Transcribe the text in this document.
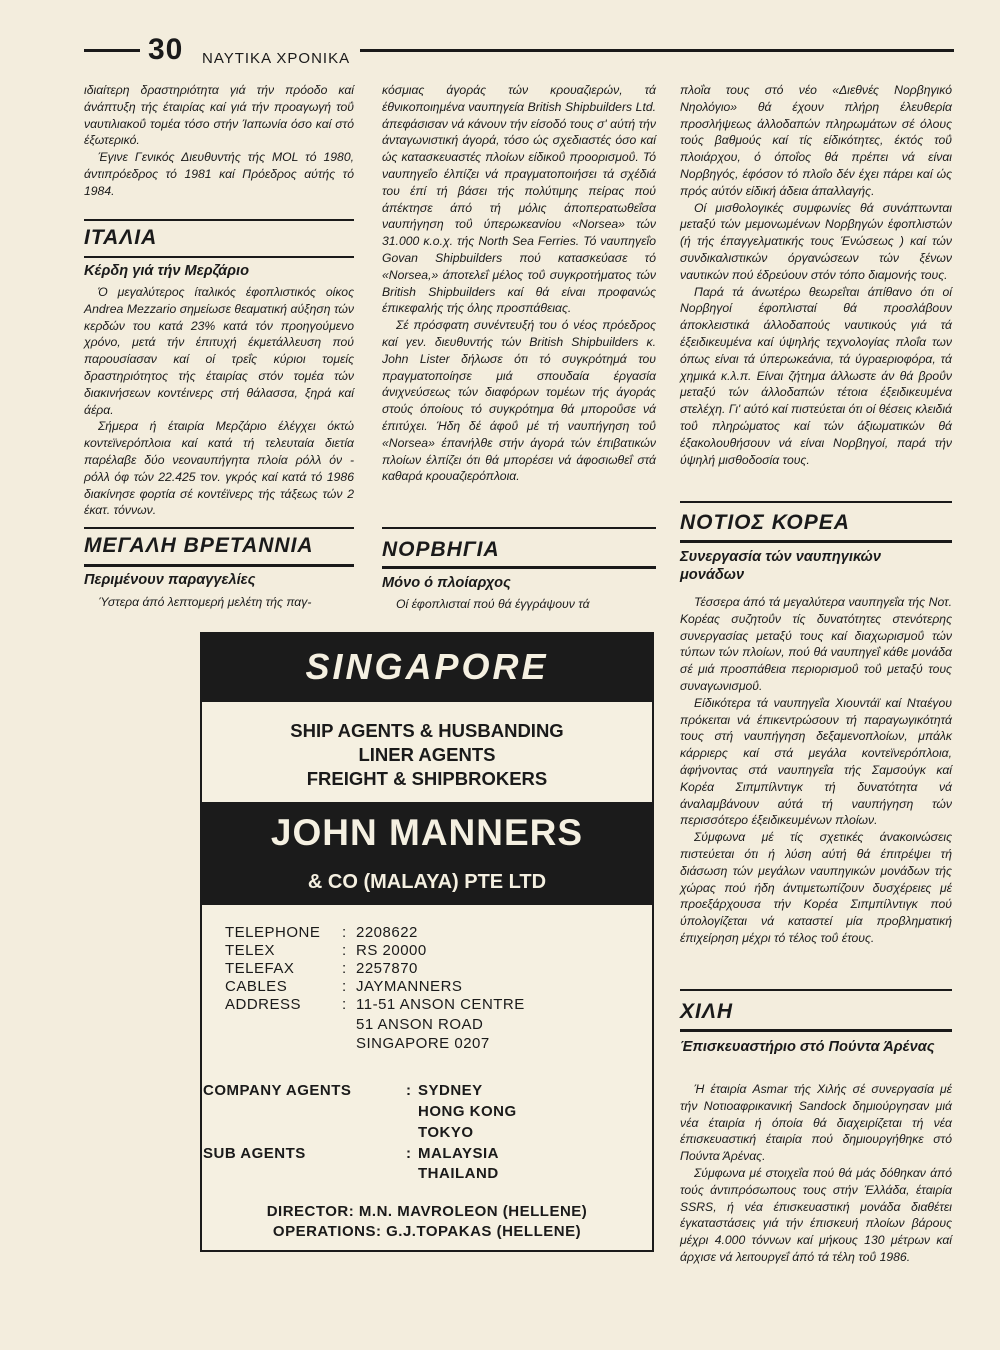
30 ΝΑΥΤΙΚΑ ΧΡΟΝΙΚΑ

ιδιαίτερη δραστηριότητα γιά τήν πρόοδο καί άνάπτυξη τής έταιρίας καί γιά τήν προαγωγή τοΰ ναυτιλιακοΰ τομέα τόσο στήν Ίαπωνία όσο καί στό έξωτερικό.

Έγινε Γενικός Διευθυντής τής MOL τό 1980, άντιπρόεδρος τό 1981 καί Πρόεδρος αύτής τό 1984.

ΙΤΑΛΙΑ
Κέρδη γιά τήν Μερζάριο

Ό μεγαλύτερος ίταλικός έφοπλιστικός οίκος Andrea Mezzario σημείωσε θεαματική αύξηση τών κερδών του κατά 23% κατά τόν προηγούμενο χρόνο, μετά τήν έπιτυχή έκμετάλλευση πού παρουσίασαν καί οί τρεΐς κύριοι τομείς δραστηριότητος τής έταιρίας στόν τομέα τών διακινήσεων κοντέινερς στή θάλασσα, ξηρά καί άέρα.

Σήμερα ή έταιρία Μερζάριο έλέγχει όκτώ κοντεϊνερόπλοια καί κατά τή τελευταία διετία παρέλαβε δύο νεοναυπήγητα πλοία ρόλλ όν - ρόλλ όφ τών 22.425 τον. γκρός καί κατά τό 1986 διακίνησε φορτία σέ κοντέϊνερς τής τάξεως τών 2 έκατ. τόννων.

ΜΕΓΑΛΗ ΒΡΕΤΑΝΝΙΑ
Περιμένουν παραγγελίες

Ύστερα άπό λεπτομερή μελέτη τής παγ-

κόσμιας άγοράς τών κρουαζιερών, τά έθνικοποιημένα ναυπηγεία British Shipbuilders Ltd. άπεφάσισαν νά κάνουν τήν είσοδό τους σ' αύτή τήν άνταγωνιστική άγορά, τόσο ώς σχεδιαστές όσο καί ώς κατασκευαστές πλοίων είδικοΰ προορισμοΰ. Τό ναυπηγεΐο έλπίζει νά πραγματοποιήσει τά σχέδιά του έπί τή βάσει τής πολύτιμης πείρας πού άπέκτησε άπό τή μόλις άποπερατωθεΐσα ναυπήγηση τοΰ ύπερωκεανίου «Norsea» τών 31.000 κ.ο.χ. τής North Sea Ferries. Τό ναυπηγεΐο Govan Shipbuilders πού κατασκεύασε τό «Norsea,» άποτελεΐ μέλος τοΰ συγκροτήματος τών British Shipbuilders καί θά είναι προφανώς έπικεφαλής τής όλης προσπάθειας.

Σέ πρόσφατη συνέντευξή του ό νέος πρόεδρος καί γεν. διευθυντής τών British Shipbuilders κ. John Lister δήλωσε ότι τό συγκρότημά του πραγματοποίησε μιά σπουδαία έργασία άνιχνεύσεως τών διαφόρων τομέων τής άγοράς στούς όποίους τό συγκρότημα θά μποροΰσε νά έπιτύχει. Ήδη δέ άφοΰ μέ τή ναυπήγηση τοΰ «Norsea» έπανήλθε στήν άγορά τών έπιβατικών πλοίων έλπίζει ότι θά μπορέσει νά άφοσιωθεΐ στά καθαρά κρουαζιερόπλοια.

ΝΟΡΒΗΓΙΑ
Μόνο ό πλοίαρχος

Οί έφοπλισταί πού θά έγγράψουν τά

πλοΐα τους στό νέο «Διεθνές Νορβηγικό Νηολόγιο» θά έχουν πλήρη έλευθερία προσλήψεως άλλοδαπών πληρωμάτων σέ όλους τούς βαθμούς καί τίς είδικότητες, έκτός τοΰ πλοιάρχου, ό όποΐος θά πρέπει νά είναι Νορβηγός, έφόσον τό πλοΐο δέν έχει πάρει καί ώς πρός αύτόν είδική άδεια άπαλλαγής.

Οί μισθολογικές συμφωνίες θά συνάπτωνται μεταξύ τών μεμονωμένων Νορβηγών έφοπλιστών (ή τής έπαγγελματικής τους Ένώσεως ) καί τών συνδικαλιστικών όργανώσεων τών ξένων ναυτικών πού έδρεύουν στόν τόπο διαμονής τους.

Παρά τά άνωτέρω θεωρεΐται άπίθανο ότι οί Νορβηγοί έφοπλισταί θά προσλάβουν άποκλειστικά άλλοδαπούς ναυτικούς γιά τά έξειδικευμένα καί ύψηλής τεχνολογίας πλοΐα των όπως είναι τά ύπερωκεάνια, τά ύγραεριοφόρα, τά χημικά κ.λ.π. Είναι ζήτημα άλλωστε άν θά βροΰν μεταξύ τών άλλοδαπών τέτοια έξειδικευμένα στελέχη. Γι' αύτό καί πιστεύεται ότι οί θέσεις κλειδιά τοΰ πληρώματος καί τών άξιωματικών θά έξακολουθήσουν νά είναι Νορβηγοί, παρά τήν ύψηλή μισθοδοσία τους.

ΝΟΤΙΟΣ ΚΟΡΕΑ
Συνεργασία τών ναυπηγικών μονάδων

Τέσσερα άπό τά μεγαλύτερα ναυπηγεΐα τής Νοτ. Κορέας συζητοΰν τίς δυνατότητες στενότερης συνεργασίας μεταξύ τους καί διαχωρισμοΰ τών τύπων τών πλοίων, πού θά ναυπηγεΐ κάθε μονάδα σέ μιά προσπάθεια περιορισμοΰ τοΰ μεταξύ τους συναγωνισμοΰ.

Είδικότερα τά ναυπηγεΐα Χιουντάϊ καί Νταέγου πρόκειται νά έπικεντρώσουν τή παραγωγικότητά τους στή ναυπήγηση δεξαμενοπλοίων, μπάλκ κάρριερς καί στά μεγάλα κοντεϊνερόπλοια, άφήνοντας στά ναυπηγεΐα τής Σαμσούγκ καί Κορέα Σιπμπίλντιγκ τή δυνατότητα νά άναλαμβάνουν αύτά τή ναυπήγηση τών περισσότερο έξειδικευμένων πλοίων.

Σύμφωνα μέ τίς σχετικές άνακοινώσεις πιστεύεται ότι ή λύση αύτή θά έπιτρέψει τή διάσωση τών μεγάλων ναυπηγικών μονάδων τής χώρας πού ήδη άντιμετωπίζουν δυσχέρειες μέ προεξάρχουσα τήν Κορέα Σιπμπίλντιγκ πού ύπολογίζεται νά καταστεί μία προβληματική έπιχείρηση μέχρι τό τέλος τοΰ έτους.

ΧΙΛΗ
Έπισκευαστήριο στό Πούντα Άρένας

Ή έταιρία Asmar τής Χιλής σέ συνεργασία μέ τήν Νοτιοαφρικανική Sandock δημιούργησαν μιά νέα έταιρία ή όποία θά διαχειρίζεται τή νέα έπισκευαστική έταιρία πού δημιουργήθηκε στό Πούντα Άρένας.

Σύμφωνα μέ στοιχεΐα πού θά μάς δόθηκαν άπό τούς άντιπρόσωπους τους στήν Έλλάδα, έταιρία SSRS, ή νέα έπισκευαστική μονάδα διαθέτει έγκαταστάσεις γιά τήν έπισκευή πλοίων βάρους μέχρι 4.000 τόννων καί μήκους 130 μέτρων καί άρχισε νά λειτουργεΐ άπό τά τέλη τοΰ 1986.

SINGAPORE
SHIP AGENTS & HUSBANDING
LINER AGENTS
FREIGHT & SHIPBROKERS
JOHN MANNERS
& CO (MALAYA) PTE LTD
TELEPHONE : 2208622
TELEX	: RS 20000
TELEFAX	: 2257870
CABLES	: JAYMANNERS
ADDRESS	: 11-51 ANSON CENTRE
51 ANSON ROAD
SINGAPORE 0207
COMPANY AGENTS	: SYDNEY
HONG KONG
TOKYO
SUB AGENTS	: MALAYSIA
THAILAND
DIRECTOR: M.N. MAVROLEON (HELLENE)
OPERATIONS: G.J.TOPAKAS (HELLENE)
